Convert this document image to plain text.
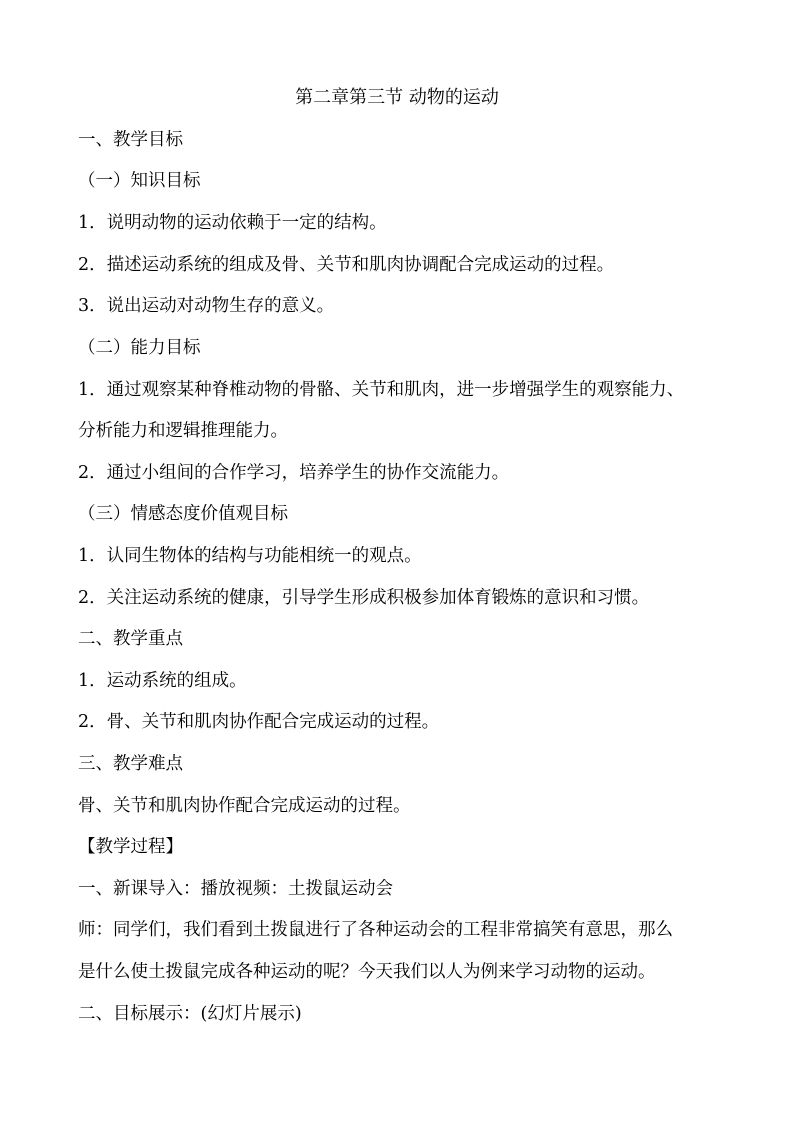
第二章第三节 动物的运动
一、教学目标
（一）知识目标
1．说明动物的运动依赖于一定的结构。
2．描述运动系统的组成及骨、关节和肌肉协调配合完成运动的过程。
3．说出运动对动物生存的意义。
（二）能力目标
1．通过观察某种脊椎动物的骨骼、关节和肌肉，进一步增强学生的观察能力、
分析能力和逻辑推理能力。
2．通过小组间的合作学习，培养学生的协作交流能力。
（三）情感态度价值观目标
1．认同生物体的结构与功能相统一的观点。
2．关注运动系统的健康，引导学生形成积极参加体育锻炼的意识和习惯。
二、教学重点
1．运动系统的组成。
2．骨、关节和肌肉协作配合完成运动的过程。
三、教学难点
骨、关节和肌肉协作配合完成运动的过程。
【教学过程】
一、新课导入：播放视频：土拨鼠运动会
师：同学们，我们看到土拨鼠进行了各种运动会的工程非常搞笑有意思，那么
是什么使土拨鼠完成各种运动的呢？今天我们以人为例来学习动物的运动。
二、目标展示：(幻灯片展示)
